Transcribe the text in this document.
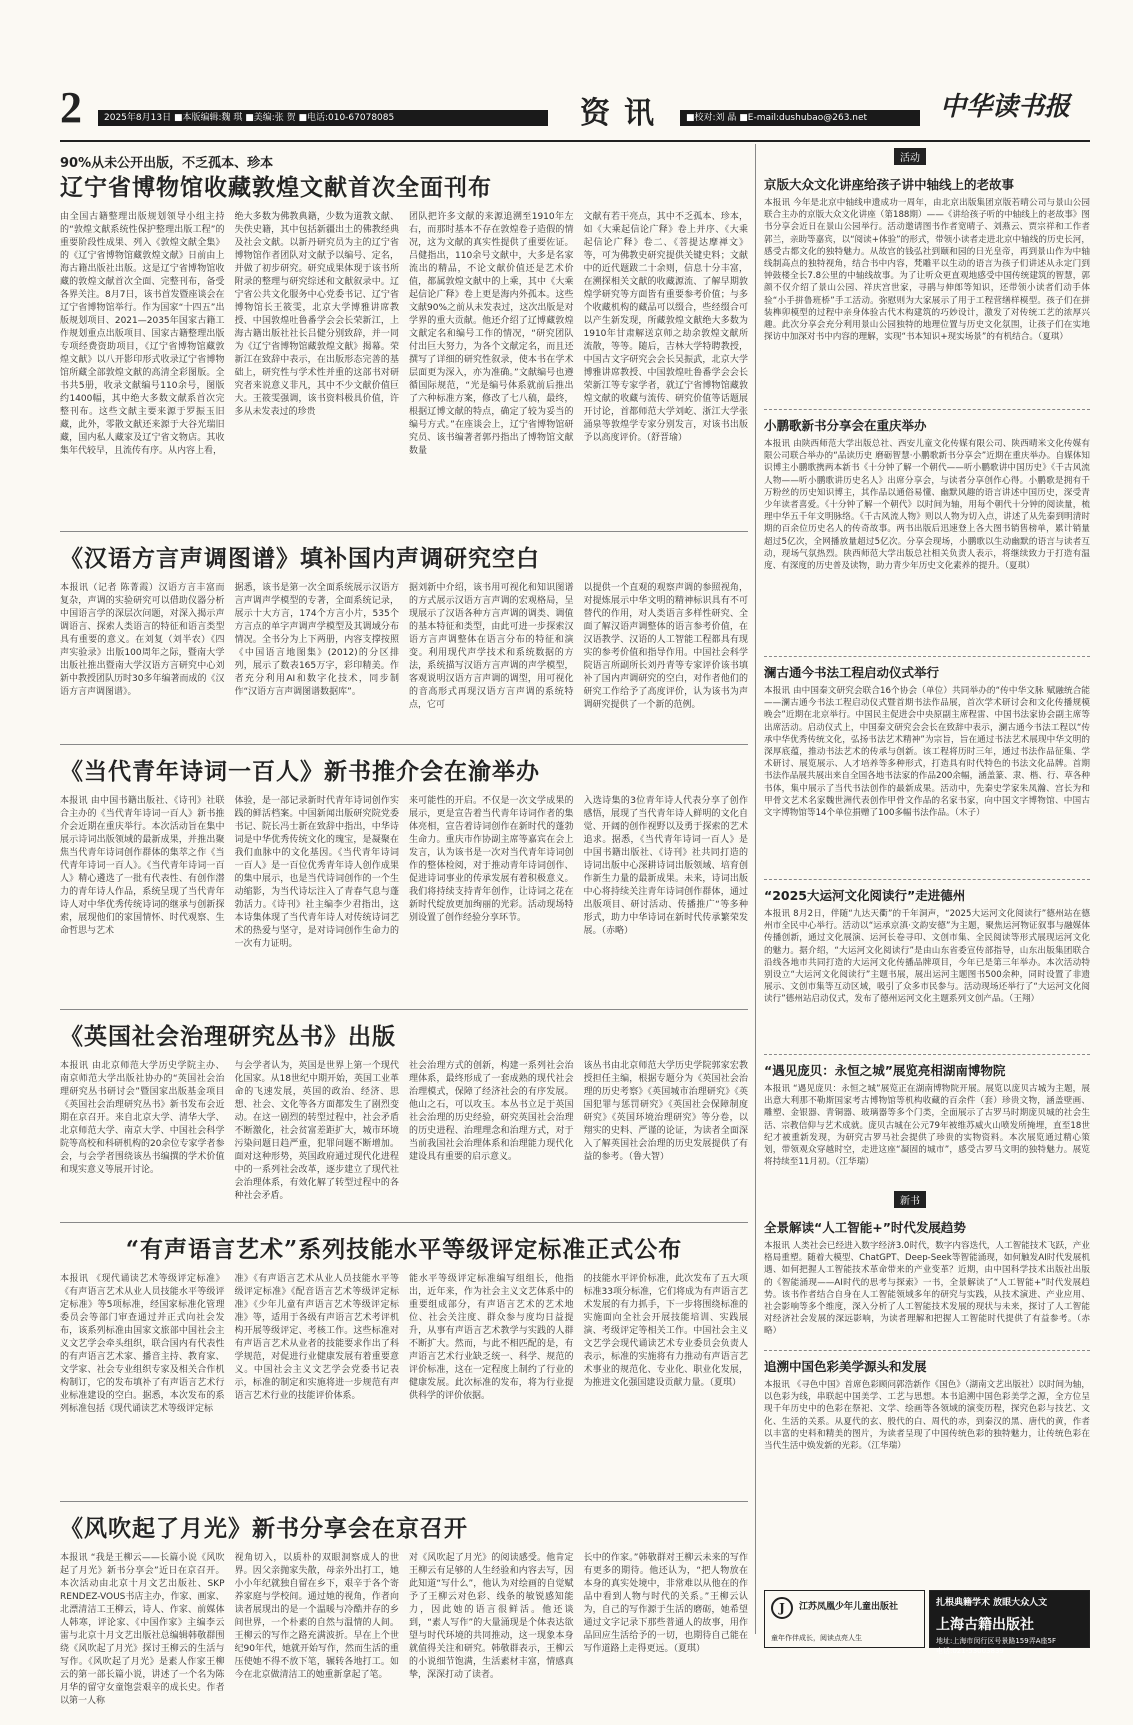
2	2025年8月13日 ■本版编辑:魏 琪 ■美编:张 贺 ■电话:010-67078085	资讯	■校对:刘 晶 ■E-mail:dushubao@263.net	中华读书报
90%从未公开出版，不乏孤本、珍本
辽宁省博物馆收藏敦煌文献首次全面刊布
由全国古籍整理出版规划领导小组主持的“敦煌文献系统性保护整理出版工程”的重要阶段性成果、列入《敦煌文献全集》的《辽宁省博物馆藏敦煌文献》日前由上海古籍出版社出版。这是辽宁省博物馆收藏的敦煌文献首次全面、完整刊布，备受各界关注。8月7日，该书首发暨座谈会在辽宁省博物馆举行。作为国家“十四五”出版规划项目、2021—2035年国家古籍工作规划重点出版项目、国家古籍整理出版专项经费资助项目，《辽宁省博物馆藏敦煌文献》以八开影印形式收录辽宁省博物馆所藏全部敦煌文献的高清全彩图版。全书共5册，收录文献编号110余号，图版约1400幅，其中绝大多数文献系首次完整刊布。这些文献主要来源于罗振玉旧藏，此外，零散文献还来源于大谷光瑞旧藏，国内私人藏家及辽宁省文物店。其收集年代较早，且流传有序。从内容上看，
绝大多数为佛教典籍，少数为道教文献、失佚史籍，其中包括新疆出土的佛教经典及社会文献。以新丹研究员为主的辽宁省博物馆作者团队对文献予以编号、定名，并做了初步研究。研究成果体现于该书所附录的整理与研究综述和文献叙录中。辽宁省公共文化服务中心党委书记、辽宁省博物馆长王筱雯，北京大学博雅讲席教授、中国敦煌吐鲁番学会会长荣新江，上海古籍出版社社长吕健分别致辞，并一同为《辽宁省博物馆藏敦煌文献》揭幕。荣新江在致辞中表示，在出版形态完善的基础上，研究性与学术性并重的这部书对研究者来说意义非凡，其中不少文献价值巨大。王筱雯强调，该书资料极具价值，许多从未发表过的珍贵
团队把许多文献的来源追溯至1910年左右，而那时基本不存在敦煌卷子造假的情况，这为文献的真实性提供了重要佐证。吕健指出，110余号文献中，大多是名家流出的精品，不论文献价值还是艺术价值，都属敦煌文献中的上乘，其中《大乘起信论广释》卷上更是海内外孤本。这些文献90%之前从未发表过，这次出版是对学界的重大贡献。他还介绍了辽博藏敦煌文献定名和编号工作的情况，“研究团队付出巨大努力，为各个文献定名，而且还撰写了详细的研究性叙录，使本书在学术层面更为深入，亦为准确。”文献编号也遵循国际规范，“光是编号体系就前后推出了六种标准方案，修改了七八稿，最终，根据辽博文献的特点，确定了较为妥当的编号方式。”在座谈会上，辽宁省博物馆研究员、该书编著者郭丹指出了博物馆文献数量
文献有若干亮点，其中不乏孤本、珍本，如《大乘起信论广释》卷上并序、《大乘起信论广释》卷二、《菩提达摩禅文》等，可为佛教史研究提供关键史料；文献中的近代题跋二十余则，信息十分丰富，在溯探相关文献的收藏源流、了解早期敦煌学研究等方面皆有重要参考价值；与多个收藏机构的藏品可以缀合，些经缀合可以产生新发现，所藏敦煌文献绝大多数为1910年甘肃解送京师之劫余敦煌文献所流散，等等。随后，吉林大学特聘教授，中国古文字研究会会长吴振武，北京大学博雅讲席教授、中国敦煌吐鲁番学会会长荣新江等专家学者，就辽宁省博物馆藏敦煌文献的收藏与流传、研究价值等话题展开讨论，首都师范大学刘屹、浙江大学张涌泉等敦煌学专家分别发言，对该书出版予以高度评价。（舒晋瑜）
《汉语方言声调图谱》填补国内声调研究空白
本报讯（记者 陈菁霞）汉语方言丰富而复杂，声调的实验研究可以借助仪器分析中国语言学的深层次问题，对深入揭示声调语言、探索人类语言的特征和语言类型具有重要的意义。在刘复（刘半农）《四声实验录》出版100周年之际，暨南大学出版社推出暨南大学汉语方言研究中心刘新中教授团队历时30多年编著而成的《汉语方言声调图谱》。
据悉，该书是第一次全面系统展示汉语方言声调声学模型的专著，全面系统记录，展示十大方言，174个方言小片，535个方言点的单字声调声学模型及其调域分布情况。全书分为上下两册，内容支撑按照《中国语言地图集》(2012)的分区排列，展示了数表165万字，彩印精美。作者充分利用AI和数字化技术，同步制作“汉语方言声调图谱数据库”。
据刘新中介绍，该书用可视化和知识图谱的方式展示汉语方言声调的宏观格局，呈现展示了汉语各种方言声调的调类、调值的基本特征和类型，由此可进一步探索汉语方言声调整体在语言分布的特征和演变。利用现代声学技术和系统数据的方法，系统描写汉语方言声调的声学模型，客观说明汉语方言声调的调型，用可视化的音高形式再现汉语方言声调的系统特点，它可
以提供一个直观的观察声调的参照视角，对提炼展示中华文明的精神标识具有不可替代的作用，对人类语言多样性研究、全面了解汉语声调整体的语言参考价值，在汉语教学、汉语的人工智能工程都具有现实的参考价值和指导作用。中国社会科学院语言所副所长刘丹青等专家评价该书填补了国内声调研究的空白，对作者他们的研究工作给予了高度评价，认为该书为声调研究提供了一个新的范例。
《当代青年诗词一百人》新书推介会在渝举办
本报讯 由中国书籍出版社、《诗刊》社联合主办的《当代青年诗词一百人》新书推介会近期在重庆举行。本次活动旨在集中展示诗词出版领域的最新成果，并推出聚焦当代青年诗词创作群体的集萃之作《当代青年诗词一百人》。《当代青年诗词一百人》精心遴选了一批有代表性、有创作潜力的青年诗人作品，系统呈现了当代青年诗人对中华优秀传统诗词的继承与创新探索，展现他们的家国情怀、时代观察、生命哲思与艺术
体验，是一部记录新时代青年诗词创作实践的鲜活档案。中国新闻出版研究院党委书记、院长冯士新在致辞中指出，中华诗词是中华优秀传统文化的瑰宝，是凝聚在我们血脉中的文化基因。《当代青年诗词一百人》是一百位优秀青年诗人创作成果的集中展示，也是当代诗词创作的一个生动缩影，为当代诗坛注入了青春气息与蓬勃活力。《诗刊》社主编李少君指出，这本诗集体现了当代青年诗人对传统诗词艺术的热爱与坚守，是对诗词创作生命力的一次有力证明。
来可能性的开启。不仅是一次文学成果的展示，更是宣告着当代青年诗词作者的集体亮相，宣告着诗词创作在新时代的蓬勃生命力。重庆市作协副主席等嘉宾在会上发言，认为该书是一次对当代青年诗词创作的整体检阅，对于推动青年诗词创作、促进诗词事业的传承发展有着积极意义。我们将持续支持青年创作，让诗词之花在新时代绽放更加绚丽的光彩。活动现场特别设置了创作经验分享环节。
入选诗集的3位青年诗人代表分享了创作感悟，展现了当代青年诗人鲜明的文化自觉、开阔的创作视野以及勇于探索的艺术追求。据悉，《当代青年诗词一百人》是中国书籍出版社、《诗刊》社共同打造的诗词出版中心深耕诗词出版领域、培育创作新生力量的最新成果。未来，诗词出版中心将持续关注青年诗词创作群体，通过出版项目、研讨活动、传播推广“等多种形式，助力中华诗词在新时代传承繁荣发展。（赤略）
《英国社会治理研究丛书》出版
本报讯 由北京师范大学历史学院主办、南京师范大学出版社协办的“英国社会治理研究丛书研讨会”暨国家出版基金项目《英国社会治理研究丛书》新书发布会近期在京召开。来自北京大学、清华大学、北京师范大学、南京大学、中国社会科学院等高校和科研机构的20余位专家学者参会，与会学者围绕该丛书编撰的学术价值和现实意义等展开讨论。
与会学者认为，英国是世界上第一个现代化国家。从18世纪中期开始，英国工业革命的飞速发展，英国的政治、经济、思想、社会、文化等各方面都发生了剧烈变动。在这一剧烈的转型过程中，社会矛盾不断激化，社会贫富差距扩大，城市环境污染问题日趋严重，犯罪问题不断增加。面对这种形势，英国政府通过现代化进程中的一系列社会改革，逐步建立了现代社会治理体系，有效化解了转型过程中的各种社会矛盾。
社会治理方式的创新，构建一系列社会治理体系，最终形成了一套成熟的现代社会治理模式，保障了经济社会的有序发展。他山之石，可以攻玉。本丛书立足于英国社会治理的历史经验，研究英国社会治理的历史进程、治理理念和治理方式，对于当前我国社会治理体系和治理能力现代化建设具有重要的启示意义。
该丛书由北京师范大学历史学院郭家宏教授担任主编，根据专题分为《英国社会治理的历史考察》《英国城市治理研究》《英国犯罪与惩罚研究》《英国社会保障制度研究》《英国环境治理研究》等分卷，以翔实的史料、严谨的论证，为读者全面深入了解英国社会治理的历史发展提供了有益的参考。（鲁大智）
“有声语言艺术”系列技能水平等级评定标准正式公布
本报讯 《现代诵读艺术等级评定标准》《有声语言艺术从业人员技能水平等级评定标准》等5项标准，经国家标准化管理委员会等部门审查通过并正式向社会发布，该系列标准由国家文旅部中国社会主义文艺学会牵头组织，联合国内有代表性的有声语言艺术家、播音主持、教育家、文学家、社会专业组织专家及相关合作机构制订，它的发布填补了有声语言艺术行业标准建设的空白。据悉，本次发布的系列标准包括《现代诵读艺术等级评定标
准》《有声语言艺术从业人员技能水平等级评定标准》《配音语言艺术等级评定标准》《少年儿童有声语言艺术等级评定标准》等，适用于各级有声语言艺术考评机构开展等级评定、考核工作。这些标准对有声语言艺术从业者的技能要求作出了科学规范，对促进行业健康发展有着重要意义。中国社会主义文艺学会党委书记表示，标准的制定和实施将进一步规范有声语言艺术行业的技能评价体系。
能水平等级评定标准编写组组长，他指出，近年来，作为社会主义文艺体系中的重要组成部分，有声语言艺术的艺术地位、社会关注度、群众参与度均日益提升，从事有声语言艺术教学与实践的人群不断扩大。然而，与此不相匹配的是，有声语言艺术行业缺乏统一、科学、规范的评价标准，这在一定程度上制约了行业的健康发展。此次标准的发布，将为行业提供科学的评价依据。
的技能水平评价标准，此次发布了五大项标准33项分标准，它们将成为有声语言艺术发展的有力抓手，下一步将围绕标准的实施面向全社会开展技能培训、实践展演、考级评定等相关工作。中国社会主义文艺学会现代诵读艺术专业委员会负责人表示，标准的实施将有力推动有声语言艺术事业的规范化、专业化、职业化发展，为推进文化强国建设贡献力量。（夏琪）
《风吹起了月光》新书分享会在京召开
本报讯 “我是王柳云——长篇小说《风吹起了月光》新书分享会”近日在京召开。本次活动由北京十月文艺出版社、SKP RENDEZ-VOUS书店主办，作家、画家、北漂清洁工王柳云，诗人、作家、前媒体人韩寒，评论家、《中国作家》主编李云雷与北京十月文艺出版社总编辑韩敬群围绕《风吹起了月光》探讨王柳云的生活与写作。《风吹起了月光》是素人作家王柳云的第一部长篇小说，讲述了一个名为陈月华的留守女童饱尝艰辛的成长史。作者以第一人称
视角切入，以质朴的双眼洞察成人的世界。因父亲抛家失散，母亲外出打工，她小小年纪就独自留在乡下，艰辛于各个寄养家庭与学校间。通过她的视角，作者向读者展现出的是一个温暖与冷酷并存的乡间世界，一个朴素的自然与温情的人间。王柳云的写作之路充满波折。早在上个世纪90年代，她就开始写作，然而生活的重压使她不得不放下笔，辗转各地打工。如今在北京做清洁工的她重新拿起了笔。
对《风吹起了月光》的阅读感受。他肯定王柳云有足够的人生经验和内容去写，因此知道“写什么”，他认为对绘画的自觉赋予了王柳云对色彩、线条的敏锐感知能力，因此她的语言很鲜活。他还谈到，“素人写作”的大量涌现是个体表达欲望与时代环境的共同推动，这一现象本身就值得关注和研究。韩敬群表示，王柳云的小说细节饱满，生活素材丰富，情感真挚，深深打动了读者。
长中的作家。”韩敬群对王柳云未来的写作有更多的期待。他还认为，“把人物放在本身的真实处境中，非常难以从他在的作品中看到人物与时代的关系。”王柳云认为，自己的写作源于生活的磨砺，她希望通过文字记录下那些普通人的故事，用作品回应生活给予的一切，也期待自己能在写作道路上走得更远。（夏琪）
活动
京版大众文化讲座给孩子讲中轴线上的老故事
本报讯 今年是北京中轴线申遗成功一周年，由北京出版集团京版若晴公司与景山公园联合主办的京版大众文化讲座（第188期）——《讲给孩子听的中轴线上的老故事》图书分享会近日在景山公园举行。活动邀请图书作者宽晴子、刘燕云、贾宗祥和工作者郭兰，亲助等嘉宾，以“阅读+体验”的形式，带领小读者走进北京中轴线的历史长河，感受古都文化的独特魅力。从故宫的钱弘社到颐和园的日光皇帝，再到景山作为中轴线制高点的独特视角，结合书中内容，梵雕平以生动的语言为孩子们讲述从永定门到钟鼓楼全长7.8公里的中轴线故事。为了让听众更直观地感受中国传统建筑的智慧，郭颜不仅介绍了景山公园、祥庆宫世家，寻鹃与伸郎等知识，还带领小读者们动手体验“小手拼鲁班桥”手工活动。弥慰则为大家展示了用于工程营缮样模型。孩子们在拼装榫卯模型的过程中亲身体验古代木构建筑的巧妙设计，激发了对传统工艺的浓厚兴趣。此次分享会充分利用景山公园独特的地理位置与历史文化氛围，让孩子们在实地探访中加深对书中内容的理解，实现“书本知识+现实场景”的有机结合。（夏琪）
小鹏歌新书分享会在重庆举办
本报讯 由陕西师范大学出版总社、西安儿童文化传媒有限公司、陕西晴米文化传媒有限公司联合举办的“品读历史 磨砺智慧·小鹏歌新书分享会”近期在重庆举办。自媒体知识博主小鹏歌携两本新书《十分钟了解一个朝代——听小鹏歌讲中国历史》《千古风流人物——听小鹏歌讲历史名人》出席分享会，与读者分享创作心得。小鹏歌是拥有千万粉丝的历史知识博主，其作品以通俗易懂、幽默风趣的语言讲述中国历史，深受青少年读者喜爱。《十分钟了解一个朝代》以时间为轴，用每个朝代十分钟的阅读量，梳理中华五千年文明脉络。《千古风流人物》则以人物为切入点，讲述了从先秦到明清时期的百余位历史名人的传奇故事。两书出版后迅速登上各大图书销售榜单，累计销量超过5亿次，全网播放量超过5亿次。分享会现场，小鹏歌以生动幽默的语言与读者互动，现场气氛热烈。陕西师范大学出版总社相关负责人表示，将继续致力于打造有温度、有深度的历史普及读物，助力青少年历史文化素养的提升。（夏琪）
澜古通今书法工程启动仪式举行
本报讯 由中国秦文研究会联合16个协会（单位）共同举办的“传中华文脉 赋融统合能——澜古通今书法工程启动仪式暨首期书法作品展，首次学术研讨会和文化传播规模晚会”近期在北京举行。中国民主促进会中央原副主席程雷、中国书法家协会副主席等出席活动。启动仪式上，中国秦文研究会会长在致辞中表示，澜古通今书法工程以“传承中华优秀传统文化，弘扬书法艺术精神”为宗旨，旨在通过书法艺术展现中华文明的深厚底蕴，推动书法艺术的传承与创新。该工程将历时三年，通过书法作品征集、学术研讨、展览展示、人才培养等多种形式，打造具有时代特色的书法文化品牌。首期书法作品展共展出来自全国各地书法家的作品200余幅，涵盖篆、隶、楷、行、草各种书体，集中展示了当代书法创作的最新成果。活动中，先秦史学家朱凤瀚、宫长为和甲骨文艺术名家魏世洲代表创作甲骨文作品的名家书家，向中国文字博物馆、中国古文字博物馆等14个单位捐赠了100多幅书法作品。（木子）
“2025大运河文化阅读行”走进德州
本报讯 8月2日，伴随“九达天衢”的千年洞声，“2025大运河文化阅读行”德州站在德州市全民中心举行。活动以“运承京滇·文韵安德”为主题，聚焦运河物证叙事与融媒体传播创新，通过文化展演、运河长卷寻印、文创市集、全民阅读等形式展现运河文化的魅力。据介绍，“大运河文化阅读行”是由山东省委宣传部指导，山东出版集团联合沿线各地市共同打造的大运河文化传播品牌项目，今年已是第三年举办。本次活动特别设立“大运河文化阅读行”主题书展，展出运河主题图书500余种，同时设置了非遗展示、文创市集等互动区域，吸引了众多市民参与。活动现场还举行了“大运河文化阅读行”德州站启动仪式，发布了德州运河文化主题系列文创产品。（王翔）
“遇见庞贝：永恒之城”展览亮相湖南博物院
本报讯 “遇见庞贝：永恒之城”展览正在湖南博物院开展。展览以庞贝古城为主题，展出意大利那不勒斯国家考古博物馆等机构收藏的百余件（套）珍贵文物，涵盖壁画、雕塑、金银器、青铜器、玻璃器等多个门类，全面展示了古罗马时期庞贝城的社会生活、宗教信仰与艺术成就。庞贝古城在公元79年被维苏威火山喷发所掩埋，直至18世纪才被重新发现，为研究古罗马社会提供了珍贵的实物资料。本次展览通过精心策划，带领观众穿越时空，走进这座“凝固的城市”，感受古罗马文明的独特魅力。展览将持续至11月初。（江华瑞）
新书
全景解读“人工智能+”时代发展趋势
本报讯 人类社会已经进入数字经济3.0时代，数字内容迭代，人工智能技术飞跃，产业格局重塑。随着大模型、ChatGPT、Deep-Seek等智能涌现，如何触发AI时代发展机遇、如何把握人工智能技术革命带来的产业变革？近期，由中国科学技术出版社出版的《智能涌现——AI时代的思考与探索》一书，全景解读了“人工智能+”时代发展趋势。该书作者结合自身在人工智能领域多年的研究与实践，从技术演进、产业应用、社会影响等多个维度，深入分析了人工智能技术发展的现状与未来，探讨了人工智能对经济社会发展的深远影响，为读者理解和把握人工智能时代提供了有益参考。（赤略）
追溯中国色彩美学源头和发展
本报讯 《寻色中国》首席色彩顾问郭浩新作《国色》（湖南文艺出版社）以时间为轴，以色彩为线，串联起中国美学、工艺与思想。本书追溯中国色彩美学之源，全方位呈现千年历史中的色彩在祭祀、文学、绘画等各领域的演变历程，探究色彩与技艺、文化、生活的关系。从夏代的玄、殷代的白、周代的赤，到秦汉的黑、唐代的黄，作者以丰富的史料和精美的图片，为读者呈现了中国传统色彩的独特魅力，让传统色彩在当代生活中焕发新的光彩。（江华瑞）
J	江苏凤凰少年儿童出版社
童年作伴成长，阅读点亮人生
扎根典籍学术 放眼大众人文
上海古籍出版社
地址:上海市闵行区号景路159弄A座5F
电话:021-53003839
